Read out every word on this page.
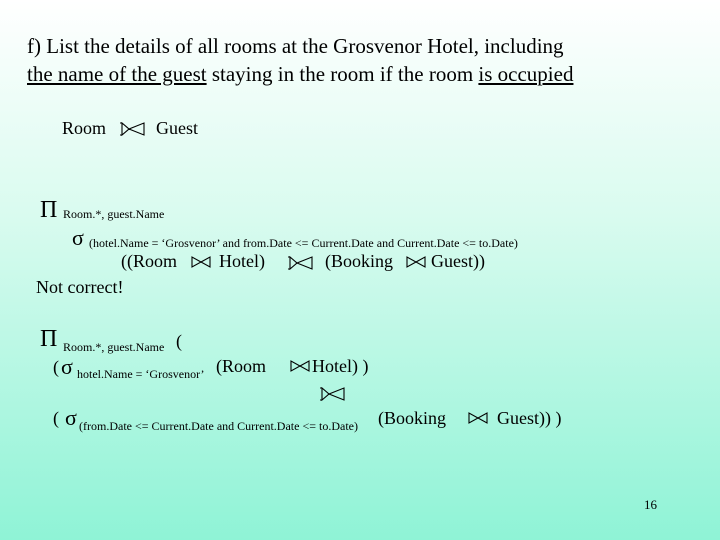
f) List the details of all rooms at the Grosvenor Hotel, including
the name of the guest staying in the room if the room is occupied
Room	Guest
Π Room.*, guest.Name
σ (hotel.Name = ‘Grosvenor’ and from.Date <= Current.Date and Current.Date <= to.Date)
((Room Hotel)	(Booking Guest))
Not correct!
Π Room.*, guest.Name (
( σ hotel.Name = ‘Grosvenor’ (Room	Hotel) )
( σ (from.Date <= Current.Date and Current.Date <= to.Date) (Booking	Guest)) )
16
